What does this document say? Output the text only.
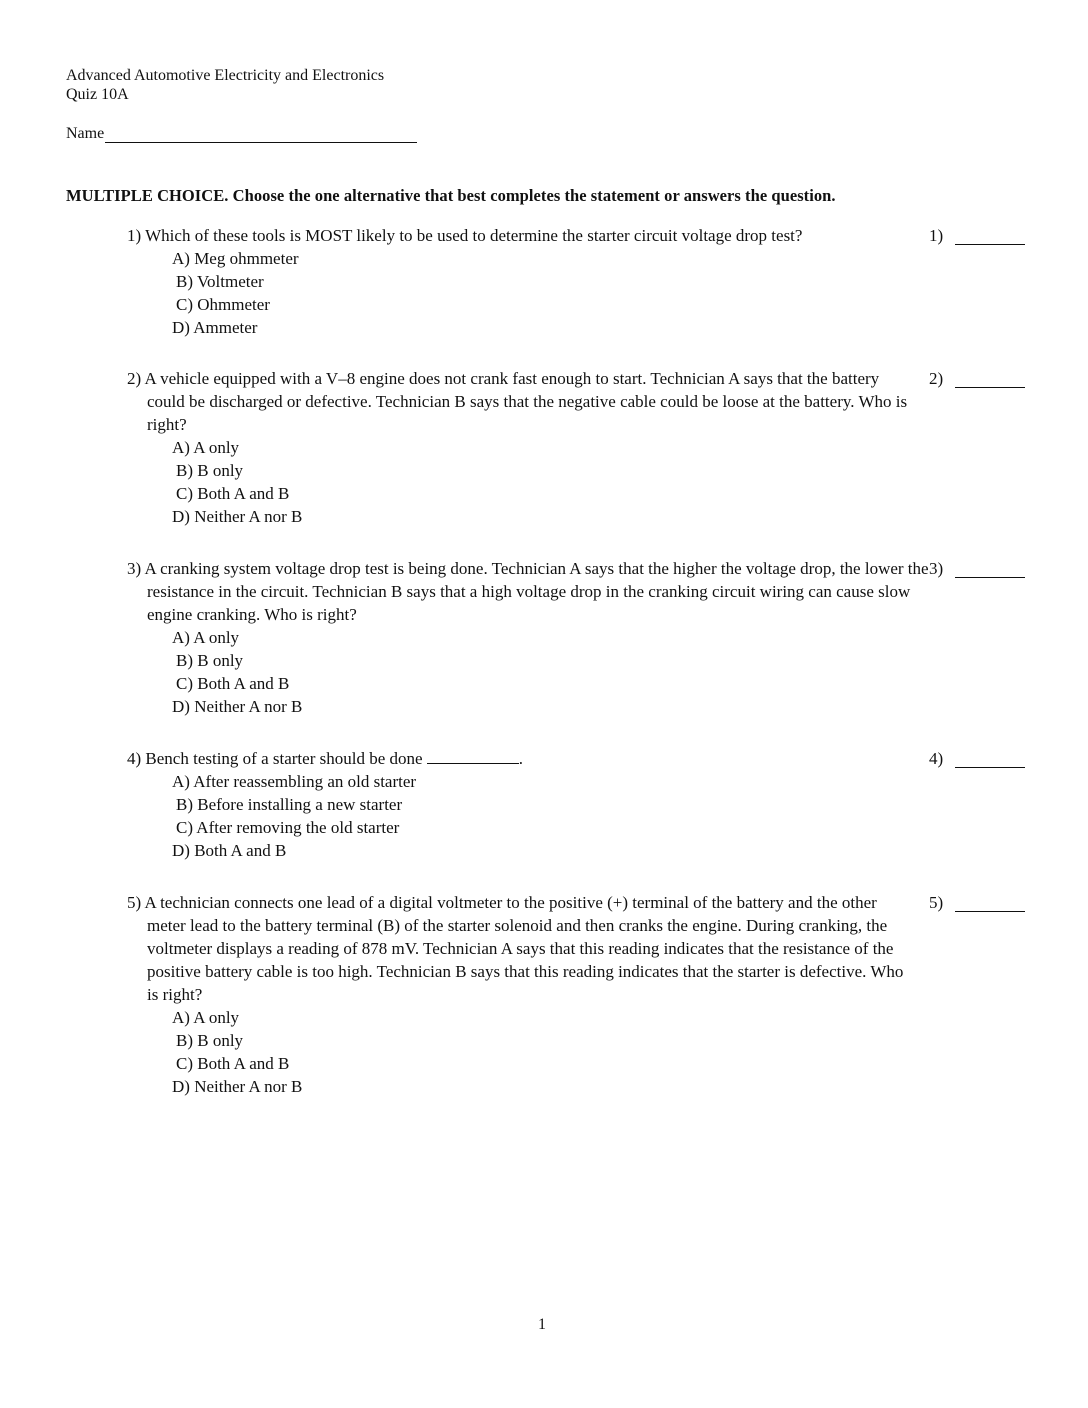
Advanced Automotive Electricity and Electronics
Quiz 10A
Name
MULTIPLE CHOICE. Choose the one alternative that best completes the statement or answers the question.
1) Which of these tools is MOST likely to be used to determine the starter circuit voltage drop test?	1)
A) Meg ohmmeter
B) Voltmeter
C) Ohmmeter
D) Ammeter
2) A vehicle equipped with a V–8 engine does not crank fast enough to start. Technician A says that the battery could be discharged or defective. Technician B says that the negative cable could be loose at the battery. Who is right?
2)
A) A only
B) B only
C) Both A and B
D) Neither A nor B
3) A cranking system voltage drop test is being done. Technician A says that the higher the voltage drop, the lower the resistance in the circuit. Technician B says that a high voltage drop in the cranking circuit wiring can cause slow engine cranking. Who is right?
3)
A) A only
B) B only
C) Both A and B
D) Neither A nor B
4) Bench testing of a starter should be done	.	4)
A) After reassembling an old starter
B) Before installing a new starter
C) After removing the old starter
D) Both A and B
5) A technician connects one lead of a digital voltmeter to the positive (+) terminal of the battery and the other meter lead to the battery terminal (B) of the starter solenoid and then cranks the engine. During cranking, the voltmeter displays a reading of 878 mV. Technician A says that this reading indicates that the resistance of the positive battery cable is too high. Technician B says that this reading indicates that the starter is defective. Who is right?
5)
A) A only
B) B only
C) Both A and B
D) Neither A nor B
1
